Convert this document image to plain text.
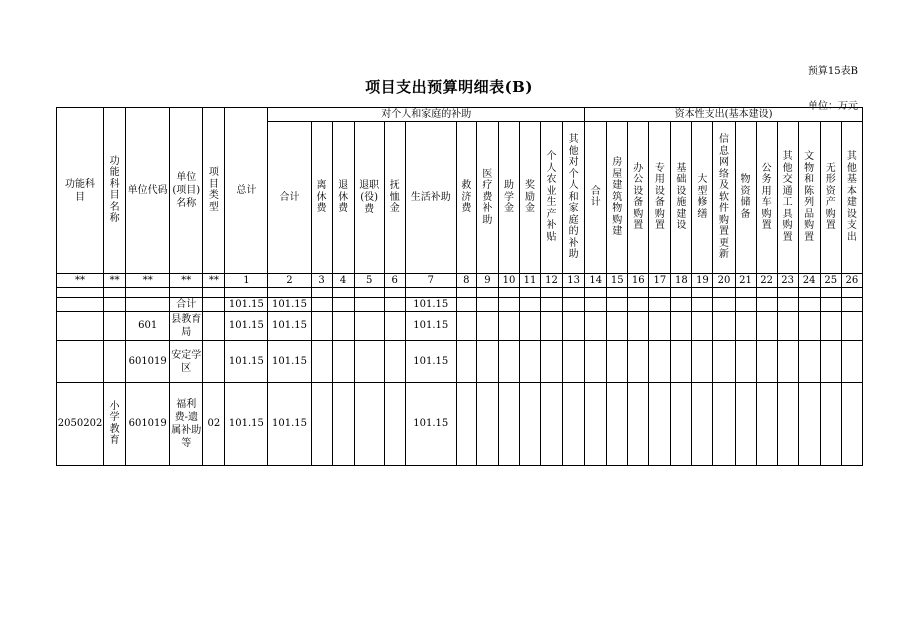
预算15表B
项目支出预算明细表(B)
单位：万元
功能科目	功能科目名称	单位代码	单位(项目)名称	项目类型	总计	对个人和家庭的补助												资本性支出(基本建设)												
						合计	离休费	退休费	退职(役)费	抚恤金	生活补助	救济费	医疗费补助	助学金	奖励金	个人农业生产补贴	其他对个人和家庭的补助	合计	房屋建筑物购建	办公设备购置	专用设备购置	基础设施建设	大型修缮	信息网络及软件购置更新	物资储备	公务用车购置	其他交通工具购置	文物和陈列品购置	无形资产购置	其他基本建设支出
**	**	**	**	**	1	2	3	4	5	6	7	8	9	10	11	12	13	14	15	16	17	18	19	20	21	22	23	24	25	26

			合计		101.15	101.15					101.15																			
		601	县教育局		101.15	101.15					101.15																			
		601019	安定学区		101.15	101.15					101.15																			
2050202	小学教育	601019	福利费-遗属补助等	02	101.15	101.15					101.15																			
